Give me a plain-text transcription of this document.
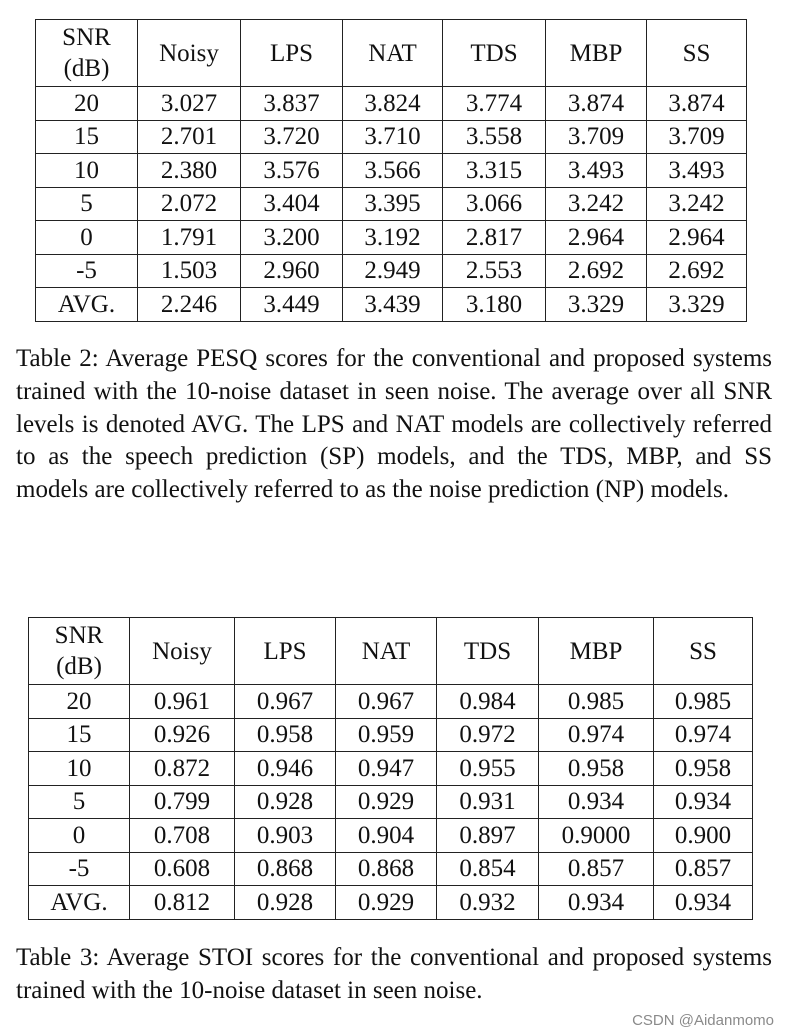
SNR (dB)	Noisy	LPS	NAT	TDS	MBP	SS
20	3.027	3.837	3.824	3.774	3.874	3.874
15	2.701	3.720	3.710	3.558	3.709	3.709
10	2.380	3.576	3.566	3.315	3.493	3.493
5	2.072	3.404	3.395	3.066	3.242	3.242
0	1.791	3.200	3.192	2.817	2.964	2.964
-5	1.503	2.960	2.949	2.553	2.692	2.692
AVG.	2.246	3.449	3.439	3.180	3.329	3.329

Table 2: Average PESQ scores for the conventional and proposed systems trained with the 10-noise dataset in seen noise. The average over all SNR levels is denoted AVG. The LPS and NAT models are collectively referred to as the speech prediction (SP) models, and the TDS, MBP, and SS models are collectively referred to as the noise prediction (NP) models.

SNR (dB)	Noisy	LPS	NAT	TDS	MBP	SS
20	0.961	0.967	0.967	0.984	0.985	0.985
15	0.926	0.958	0.959	0.972	0.974	0.974
10	0.872	0.946	0.947	0.955	0.958	0.958
5	0.799	0.928	0.929	0.931	0.934	0.934
0	0.708	0.903	0.904	0.897	0.9000	0.900
-5	0.608	0.868	0.868	0.854	0.857	0.857
AVG.	0.812	0.928	0.929	0.932	0.934	0.934

Table 3: Average STOI scores for the conventional and proposed systems trained with the 10-noise dataset in seen noise.

CSDN @Aidanmomo
